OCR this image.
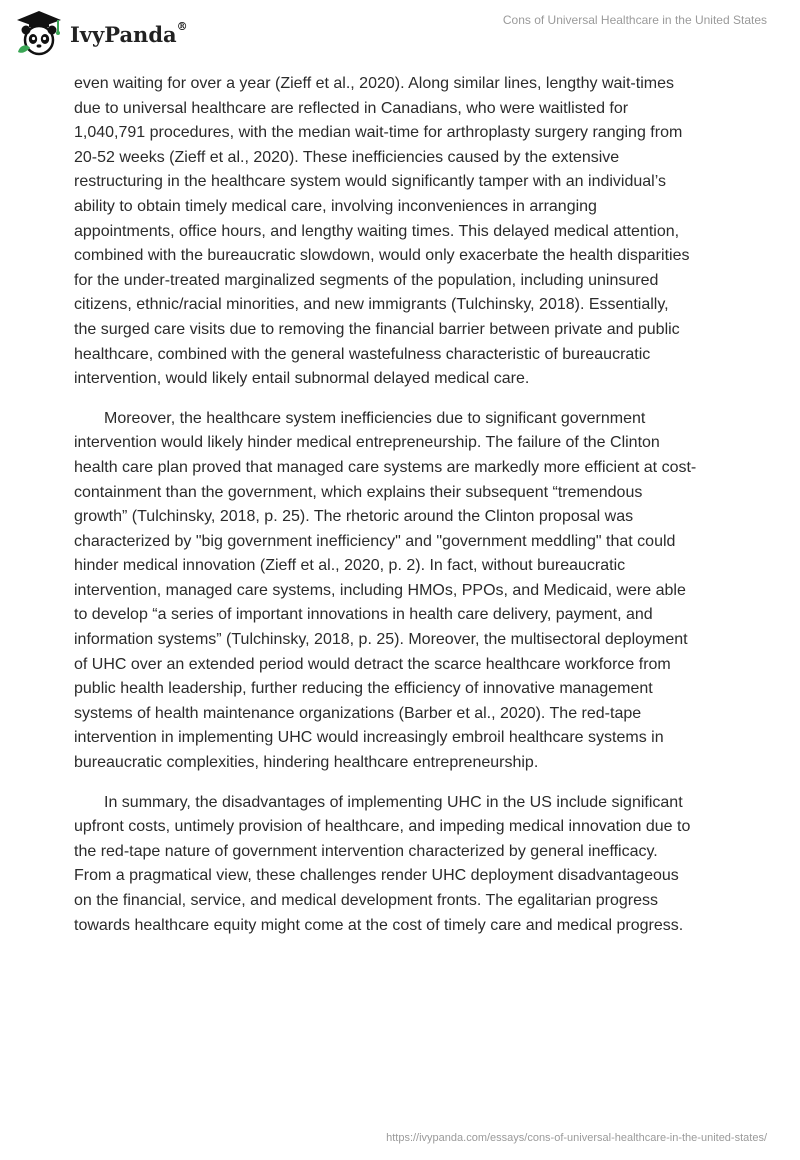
IvyPanda®	Cons of Universal Healthcare in the United States

even waiting for over a year (Zieff et al., 2020). Along similar lines, lengthy wait-times
due to universal healthcare are reflected in Canadians, who were waitlisted for
1,040,791 procedures, with the median wait-time for arthroplasty surgery ranging from
20-52 weeks (Zieff et al., 2020). These inefficiencies caused by the extensive
restructuring in the healthcare system would significantly tamper with an individual’s
ability to obtain timely medical care, involving inconveniences in arranging
appointments, office hours, and lengthy waiting times. This delayed medical attention,
combined with the bureaucratic slowdown, would only exacerbate the health disparities
for the under-treated marginalized segments of the population, including uninsured
citizens, ethnic/racial minorities, and new immigrants (Tulchinsky, 2018). Essentially,
the surged care visits due to removing the financial barrier between private and public
healthcare, combined with the general wastefulness characteristic of bureaucratic
intervention, would likely entail subnormal delayed medical care.

Moreover, the healthcare system inefficiencies due to significant government
intervention would likely hinder medical entrepreneurship. The failure of the Clinton
health care plan proved that managed care systems are markedly more efficient at cost-
containment than the government, which explains their subsequent “tremendous
growth” (Tulchinsky, 2018, p. 25). The rhetoric around the Clinton proposal was
characterized by "big government inefficiency" and "government meddling" that could
hinder medical innovation (Zieff et al., 2020, p. 2). In fact, without bureaucratic
intervention, managed care systems, including HMOs, PPOs, and Medicaid, were able
to develop “a series of important innovations in health care delivery, payment, and
information systems” (Tulchinsky, 2018, p. 25). Moreover, the multisectoral deployment
of UHC over an extended period would detract the scarce healthcare workforce from
public health leadership, further reducing the efficiency of innovative management
systems of health maintenance organizations (Barber et al., 2020). The red-tape
intervention in implementing UHC would increasingly embroil healthcare systems in
bureaucratic complexities, hindering healthcare entrepreneurship.

In summary, the disadvantages of implementing UHC in the US include significant
upfront costs, untimely provision of healthcare, and impeding medical innovation due to
the red-tape nature of government intervention characterized by general inefficacy.
From a pragmatical view, these challenges render UHC deployment disadvantageous
on the financial, service, and medical development fronts. The egalitarian progress
towards healthcare equity might come at the cost of timely care and medical progress.

https://ivypanda.com/essays/cons-of-universal-healthcare-in-the-united-states/
